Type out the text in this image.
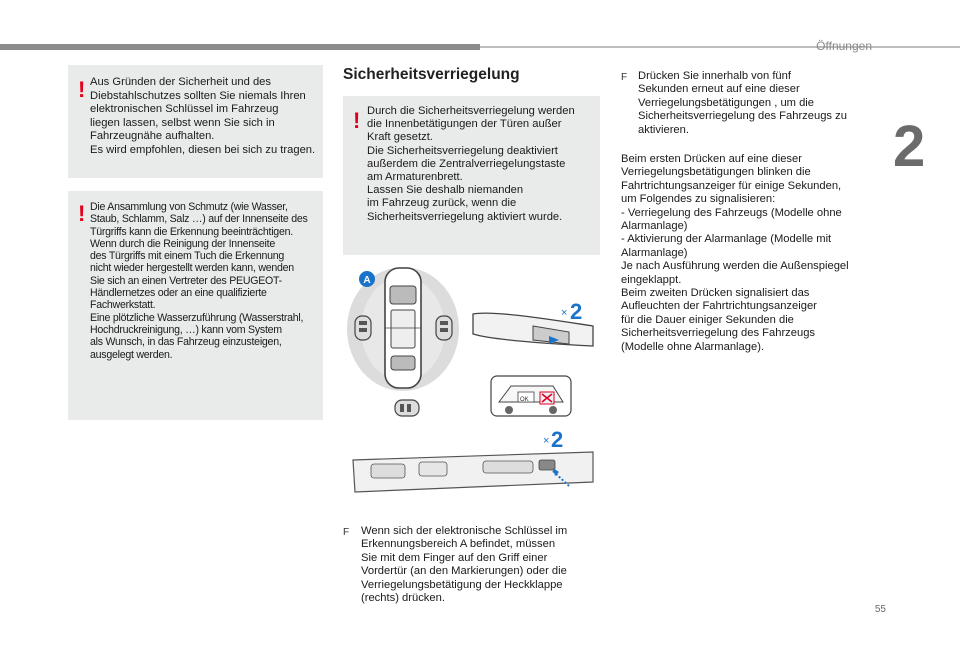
Öffnungen
2
55
! Aus Gründen der Sicherheit und des
Diebstahlschutzes sollten Sie niemals Ihren
elektronischen Schlüssel im Fahrzeug
liegen lassen, selbst wenn Sie sich in
Fahrzeugnähe aufhalten.
Es wird empfohlen, diesen bei sich zu tragen.
! Die Ansammlung von Schmutz (wie Wasser,
Staub, Schlamm, Salz …) auf der Innenseite des
Türgriffs kann die Erkennung beeinträchtigen.
Wenn durch die Reinigung der Innenseite
des Türgriffs mit einem Tuch die Erkennung
nicht wieder hergestellt werden kann, wenden
Sie sich an einen Vertreter des PEUGEOT-
Händlernetzes oder an eine qualifizierte
Fachwerkstatt.
Eine plötzliche Wasserzuführung (Wasserstrahl,
Hochdruckreinigung, …) kann vom System
als Wunsch, in das Fahrzeug einzusteigen,
ausgelegt werden.
Sicherheitsverriegelung
! Durch die Sicherheitsverriegelung werden
die Innenbetätigungen der Türen außer
Kraft gesetzt.
Die Sicherheitsverriegelung deaktiviert
außerdem die Zentralverriegelungstaste
am Armaturenbrett.
Lassen Sie deshalb niemanden
im Fahrzeug zurück, wenn die
Sicherheitsverriegelung aktiviert wurde.
A
× 2
OK
× 2
F Wenn sich der elektronische Schlüssel im
Erkennungsbereich A befindet, müssen
Sie mit dem Finger auf den Griff einer
Vordertür (an den Markierungen) oder die
Verriegelungsbetätigung der Heckklappe
(rechts) drücken.
F Drücken Sie innerhalb von fünf
Sekunden erneut auf eine dieser
Verriegelungsbetätigungen , um die
Sicherheitsverriegelung des Fahrzeugs zu
aktivieren.
Beim ersten Drücken auf eine dieser
Verriegelungsbetätigungen blinken die
Fahrtrichtungsanzeiger für einige Sekunden,
um Folgendes zu signalisieren:
- Verriegelung des Fahrzeugs (Modelle ohne
Alarmanlage)
- Aktivierung der Alarmanlage (Modelle mit
Alarmanlage)
Je nach Ausführung werden die Außenspiegel
eingeklappt.
Beim zweiten Drücken signalisiert das
Aufleuchten der Fahrtrichtungsanzeiger
für die Dauer einiger Sekunden die
Sicherheitsverriegelung des Fahrzeugs
(Modelle ohne Alarmanlage).
